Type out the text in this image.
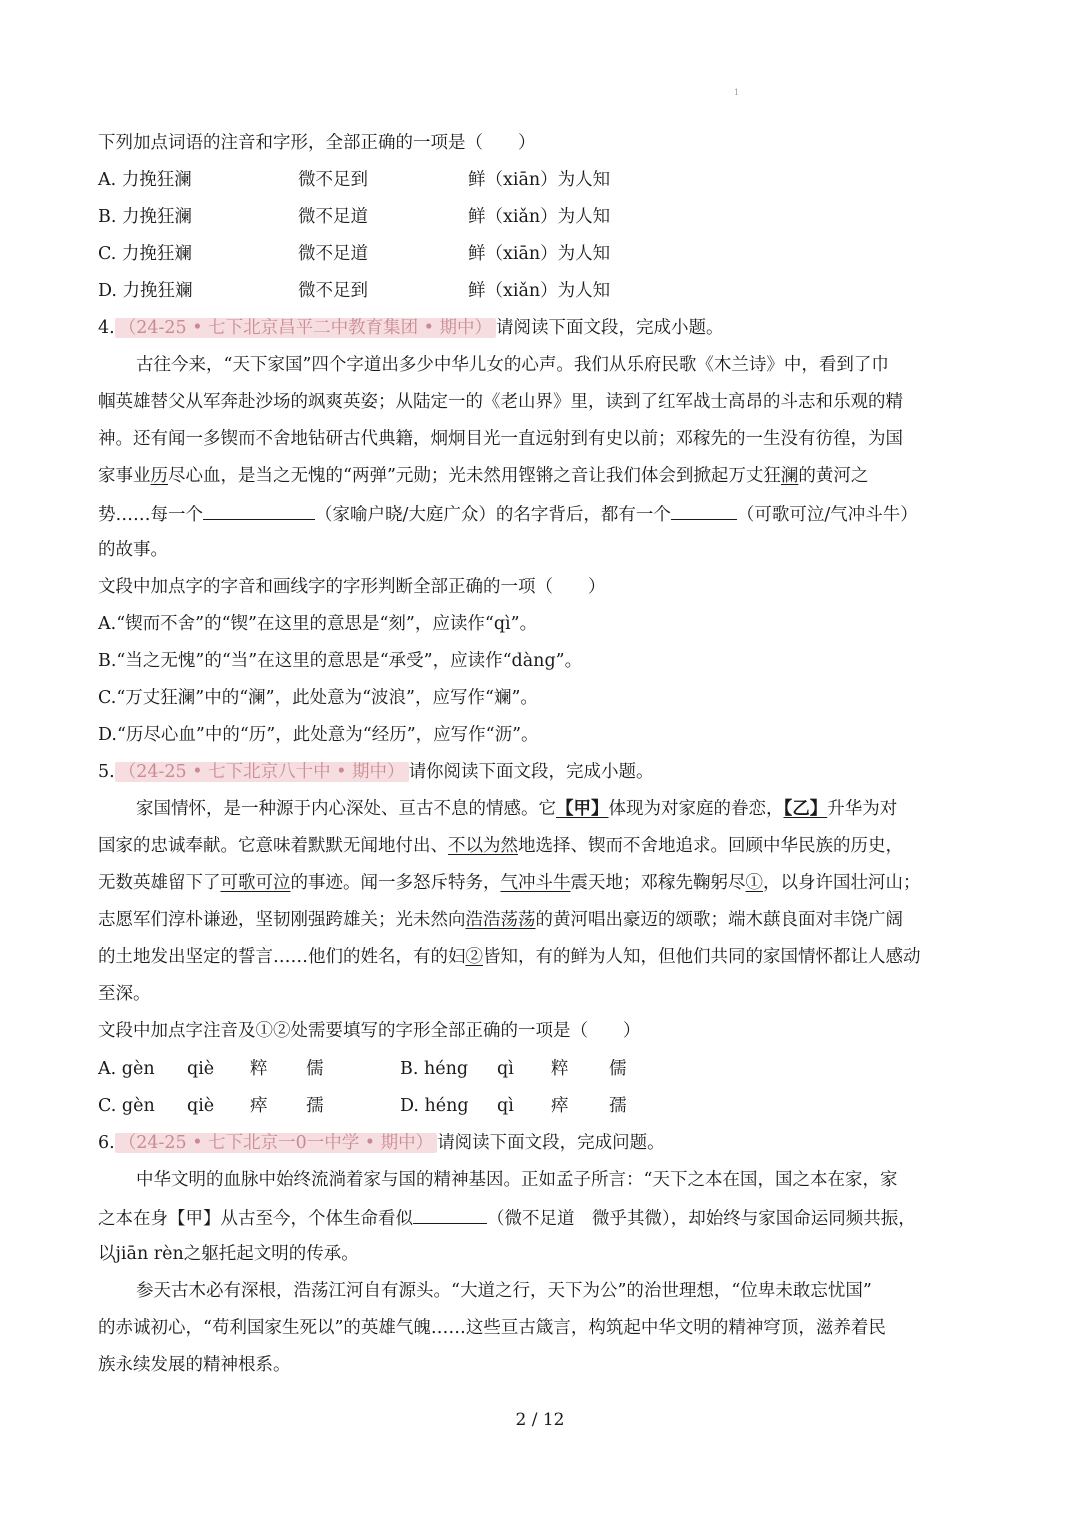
1
下列加点词语的注音和字形，全部正确的一项是（　　）
A. 力挽狂澜	微不足到	鲜（xiān）为人知
B. 力挽狂澜	微不足道	鲜（xiǎn）为人知
C. 力挽狂斓	微不足道	鲜（xiān）为人知
D. 力挽狂斓	微不足到	鲜（xiǎn）为人知
4. （24-25 • 七下北京昌平二中教育集团 • 期中） 请阅读下面文段，完成小题。
古往今来，“天下家国”四个字道出多少中华儿女的心声。我们从乐府民歌《木兰诗》中，看到了巾
帼英雄替父从军奔赴沙场的飒爽英姿；从陆定一的《老山界》里，读到了红军战士高昂的斗志和乐观的精
神。还有闻一多锲而不舍地钻研古代典籍，炯炯目光一直远射到有史以前；邓稼先的一生没有彷徨，为国
家事业历尽心血，是当之无愧的“两弹”元勋；光未然用铿锵之音让我们体会到掀起万丈狂澜的黄河之
势……每一个	（家喻户晓/大庭广众）的名字背后，都有一个	（可歌可泣/气冲斗牛）
的故事。
文段中加点字的字音和画线字的字形判断全部正确的一项（　　）
A.“锲而不舍”的“锲”在这里的意思是“刻”，应读作“qì”。
B.“当之无愧”的“当”在这里的意思是“承受”，应读作“dàng”。
C.“万丈狂澜”中的“澜”，此处意为“波浪”，应写作“斓”。
D.“历尽心血”中的“历”，此处意为“经历”，应写作“沥”。
5. （24-25 • 七下北京八十中 • 期中） 请你阅读下面文段，完成小题。
家国情怀，是一种源于内心深处、亘古不息的情感。它【甲】体现为对家庭的眷恋，【乙】升华为对
国家的忠诚奉献。它意味着默默无闻地付出、不以为然地选择、锲而不舍地追求。回顾中华民族的历史，
无数英雄留下了可歌可泣的事迹。闻一多怒斥特务，气冲斗牛震天地；邓稼先鞠躬尽①，以身许国壮河山；
志愿军们淳朴谦逊，坚韧刚强跨雄关；光未然向浩浩荡荡的黄河唱出豪迈的颂歌；端木蕻良面对丰饶广阔
的土地发出坚定的誓言……他们的姓名，有的妇②皆知，有的鲜为人知，但他们共同的家国情怀都让人感动
至深。
文段中加点字注音及①②处需要填写的字形全部正确的一项是（　　）
A. gèn qiè 粹 儒	B. héng qì 粹 儒
C. gèn qiè 瘁 孺	D. héng qì 瘁 孺
6. （24-25 • 七下北京一0一中学 • 期中） 请阅读下面文段，完成问题。
中华文明的血脉中始终流淌着家与国的精神基因。正如孟子所言：“天下之本在国，国之本在家，家
之本在身【甲】从古至今，个体生命看似	（微不足道　微乎其微），却始终与家国命运同频共振，
以jiān rèn之躯托起文明的传承。
参天古木必有深根，浩荡江河自有源头。“大道之行，天下为公”的治世理想，“位卑未敢忘忧国”
的赤诚初心，“苟利国家生死以”的英雄气魄……这些亘古箴言，构筑起中华文明的精神穹顶，滋养着民
族永续发展的精神根系。
2 / 12
